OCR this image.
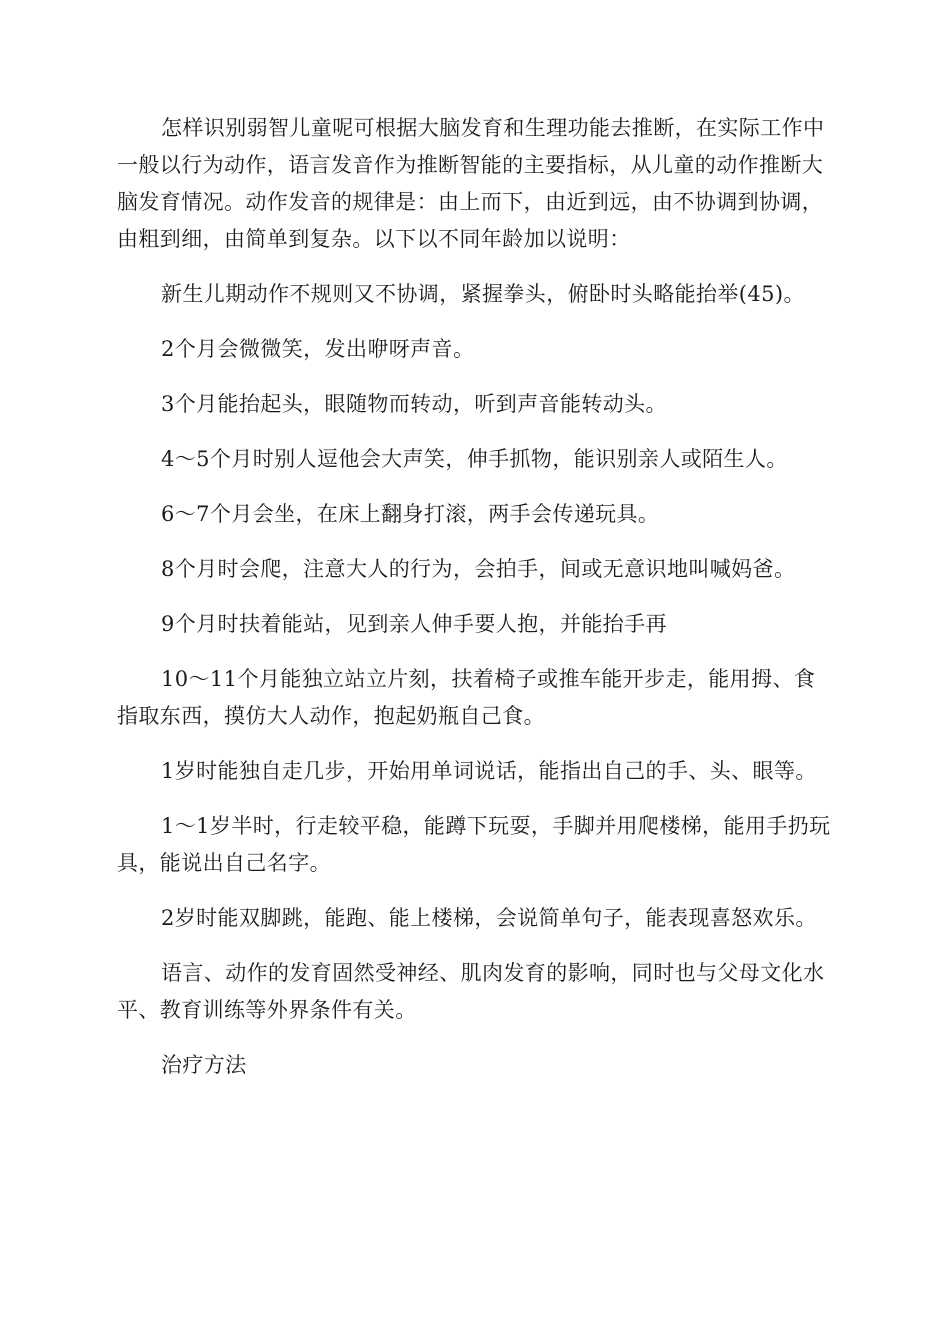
怎样识别弱智儿童呢可根据大脑发育和生理功能去推断，在实际工作中一般以行为动作，语言发音作为推断智能的主要指标，从儿童的动作推断大脑发育情况。动作发音的规律是：由上而下，由近到远，由不协调到协调，由粗到细，由简单到复杂。以下以不同年龄加以说明：

新生儿期动作不规则又不协调，紧握拳头，俯卧时头略能抬举(45)。

2个月会微微笑，发出咿呀声音。

3个月能抬起头，眼随物而转动，听到声音能转动头。

4～5个月时别人逗他会大声笑，伸手抓物，能识别亲人或陌生人。

6～7个月会坐，在床上翻身打滚，两手会传递玩具。

8个月时会爬，注意大人的行为，会拍手，间或无意识地叫喊妈爸。

9个月时扶着能站，见到亲人伸手要人抱，并能抬手再

10～11个月能独立站立片刻，扶着椅子或推车能开步走，能用拇、食指取东西，摸仿大人动作，抱起奶瓶自己食。

1岁时能独自走几步，开始用单词说话，能指出自己的手、头、眼等。

1～1岁半时，行走较平稳，能蹲下玩耍，手脚并用爬楼梯，能用手扔玩具，能说出自己名字。

2岁时能双脚跳，能跑、能上楼梯，会说简单句子，能表现喜怒欢乐。

语言、动作的发育固然受神经、肌肉发育的影响，同时也与父母文化水平、教育训练等外界条件有关。

治疗方法
